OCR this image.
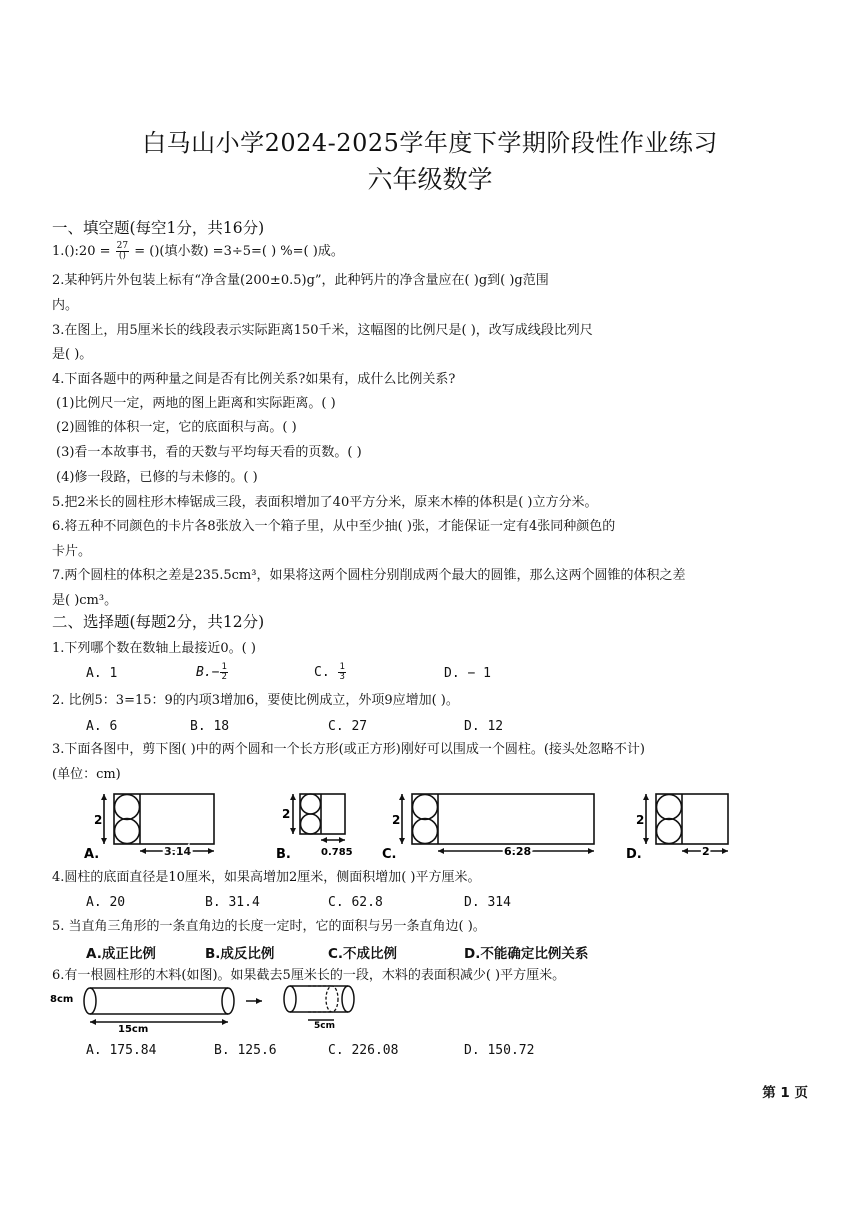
白马山小学2024-2025学年度下学期阶段性作业练习
六年级数学
一、填空题(每空1分，共16分)
1.():20 = $\frac{27}{()}$ = ()(填小数) =3÷5=( ) %=( )成。
2.某种钙片外包装上标有“净含量(200±0.5)g”，此种钙片的净含量应在( )g到( )g范围
内。
3.在图上，用5厘米长的线段表示实际距离150千米，这幅图的比例尺是( )，改写成线段比列尺
是( )。
4.下面各题中的两种量之间是否有比例关系?如果有，成什么比例关系?
(1)比例尺一定，两地的图上距离和实际距离。( )
(2)圆锥的体积一定，它的底面积与高。( )
(3)看一本故事书，看的天数与平均每天看的页数。( )
(4)修一段路，已修的与未修的。( )
5.把2米长的圆柱形木棒锯成三段，表面积增加了40平方分米，原来木棒的体积是( )立方分米。
6.将五种不同颜色的卡片各8张放入一个箱子里，从中至少抽( )张，才能保证一定有4张同种颜色的
卡片。
7.两个圆柱的体积之差是235.5cm³，如果将这两个圆柱分别削成两个最大的圆锥，那么这两个圆锥的体积之差
是( )cm³。
二、选择题(每题2分，共12分)
1.下列哪个数在数轴上最接近0。( )
A. 1	$B.- \frac{1}{2}$	C. $\frac{1}{3}$	D. − 1
2. 比例5：3=15：9的内项3增加6，要使比例成立，外项9应增加( )。
A. 6	B. 18	C. 27	D. 12
3.下面各图中，剪下图( )中的两个圆和一个长方形(或正方形)刚好可以围成一个圆柱。(接头处忽略不计)
(单位：cm)
2
A.	3.14
2
B.	0.785
2
C.	6.28
2
D.	2
4.圆柱的底面直径是10厘米，如果高增加2厘米，侧面积增加( )平方厘米。
A. 20	B. 31.4	C. 62.8	D. 314
5. 当直角三角形的一条直角边的长度一定时，它的面积与另一条直角边( )。
A.成正比例	B.成反比例	C.不成比例	D.不能确定比例关系
6.有一根圆柱形的木料(如图)。如果截去5厘米长的一段，木料的表面积减少( )平方厘米。
8cm
15cm	5cm
A. 175.84	B. 125.6	C. 226.08	D. 150.72
第 1 页
